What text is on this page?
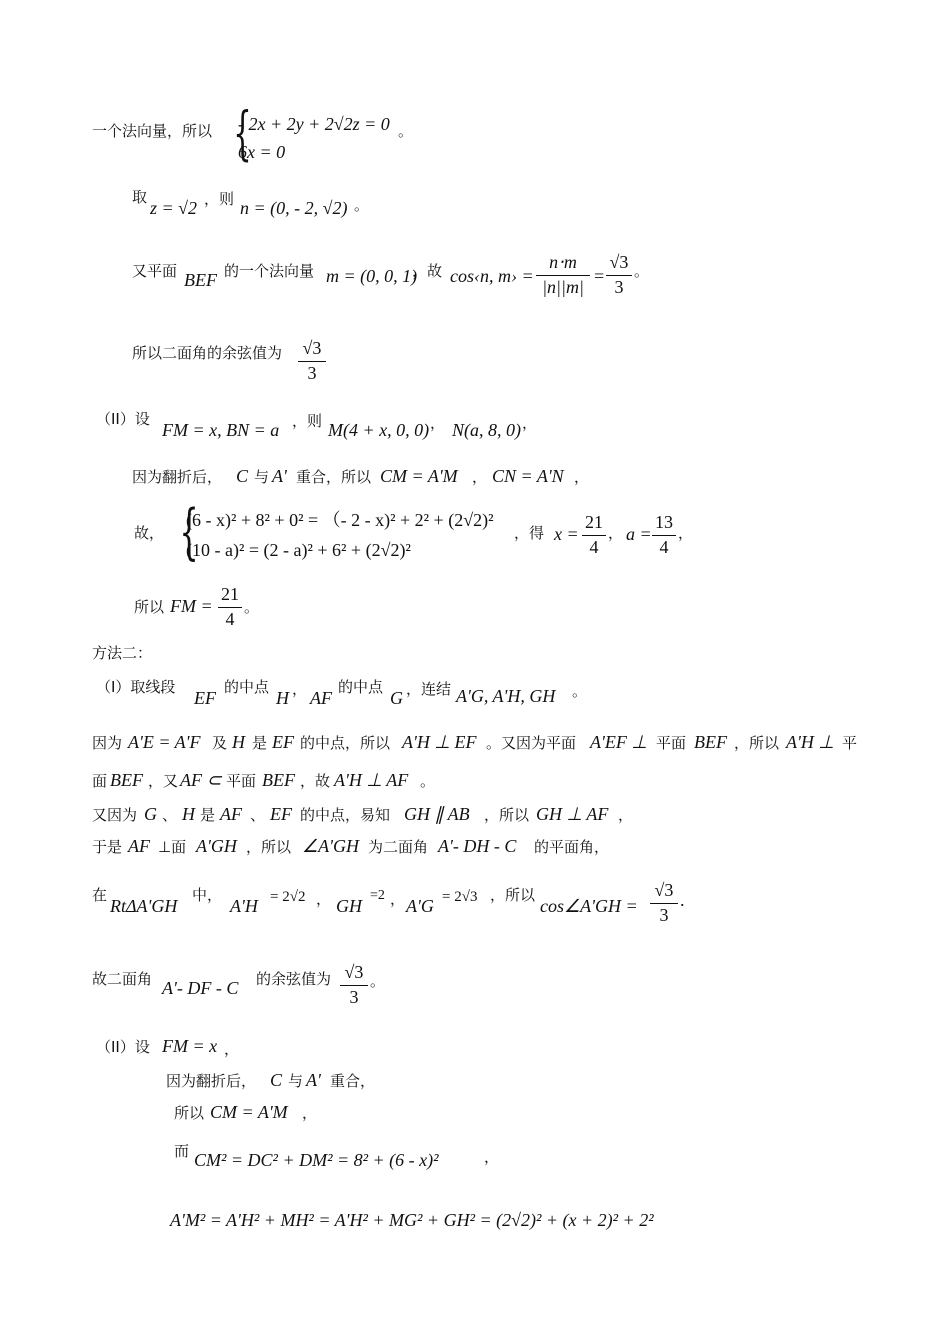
一个法向量，所以 {
- 2x + 2y + 2√2z = 0
6x = 0
。
取
z = √2 ，则 n = (0, - 2, √2) 。
又平面 BEF 的一个法向量 m = (0, 0, 1)
，故 cos‹n, m› =
n⋅m
|n||m|
=
√3
3
。
所以二面角的余弦值为 √3
3
（II）设
FM = x, BN = a ，则 M(4 + x, 0, 0) ， N(a, 8, 0) ，
因为翻折后， C 与 A' 重合，所以 CM = A'M ， CN = A'N ，
故， {
(6 - x)² + 8² + 0² = （- 2 - x)² + 2² + (2√2)²
(10 - a)² = (2 - a)² + 6² + (2√2)²
，得 x =
21
4
， a =
13
4
，
所以 FM =
21
4
。
方法二：
（I）取线段
EF
的中点
H ， AF
的中点
G ，连结 A'G, A'H, GH 。
因为 A'E = A'F 及 H 是 EF 的中点，所以 A'H ⊥ EF 。又因为平面 A'EF ⊥ 平面 BEF ，所以 A'H ⊥ 平
面 BEF ，又 AF ⊂ 平面 BEF ，故 A'H ⊥ AF 。
又因为 G 、 H 是 AF 、 EF 的中点，易知 GH ∥ AB ，所以 GH ⊥ AF ，
于是 AF ⊥面 A'GH ，所以 ∠A'GH 为二面角 A'- DH - C 的平面角，
在
RtΔA'GH
中，
A'H = 2√2 ， GH
=2 ， A'G = 2√3 ，所以
cos∠A'GH =
√3
3
.
故二面角 A'- DF - C 的余弦值为 √3
3
。
（II）设 FM = x ，
因为翻折后， C 与 A' 重合，
所以 CM = A'M ，
而 CM² = DC² + DM² = 8² + (6 - x)²	，
A'M² = A'H² + MH² = A'H² + MG² + GH² = (2√2)² + (x + 2)² + 2²
